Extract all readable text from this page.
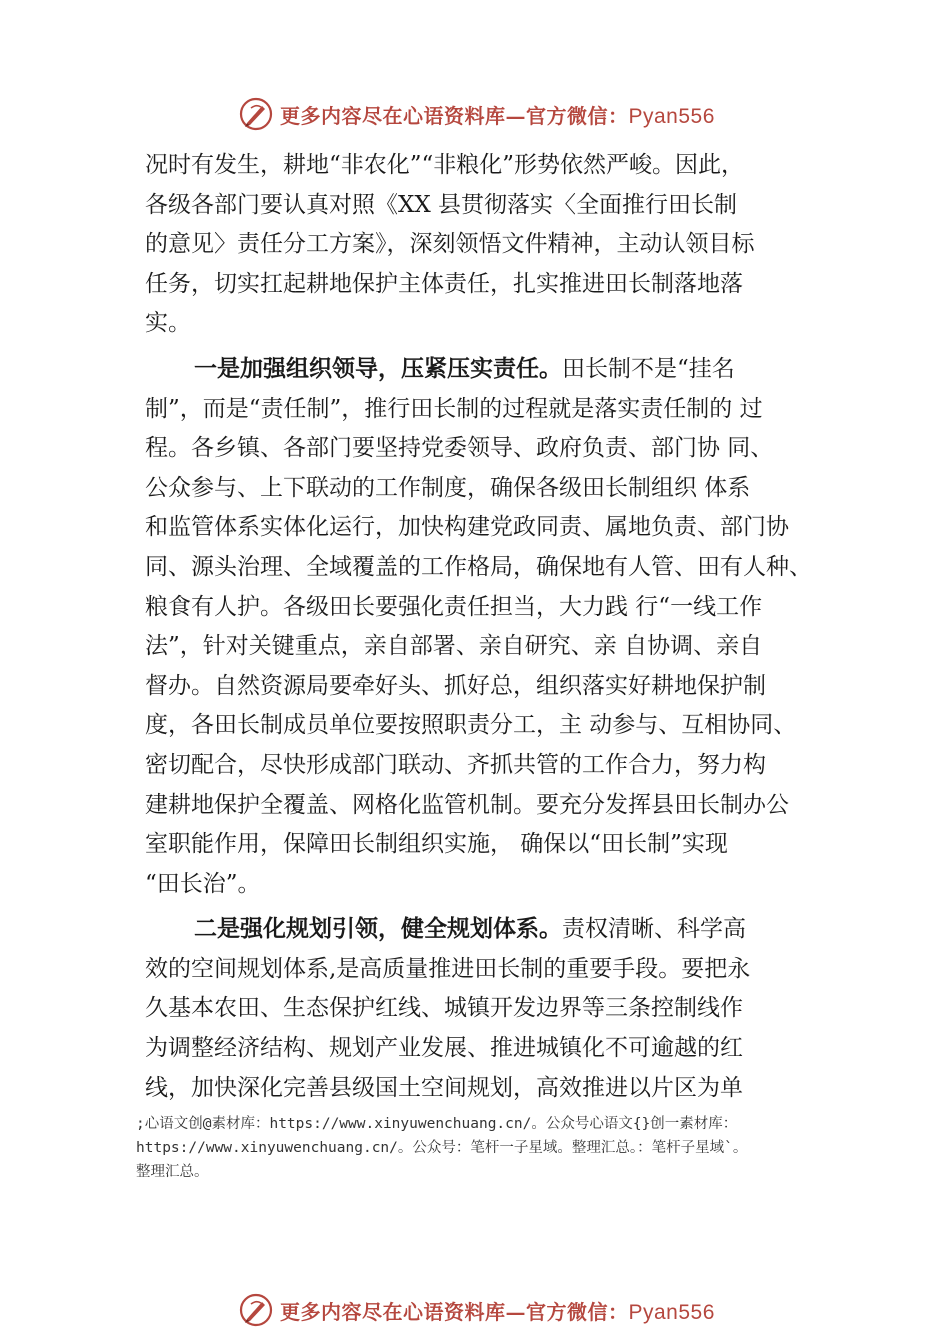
更多内容尽在心语资料库—官方微信：Pyan556

况时有发生，耕地“非农化”“非粮化”形势依然严峻。因此，
各级各部门要认真对照《XX 县贯彻落实〈全面推行田长制
的意见〉责任分工方案》，深刻领悟文件精神，主动认领目标
任务，切实扛起耕地保护主体责任，扎实推进田长制落地落
实。

一是加强组织领导，压紧压实责任。田长制不是“挂名
制”，而是“责任制”，推行田长制的过程就是落实责任制的 过
程。各乡镇、各部门要坚持党委领导、政府负责、部门协 同、
公众参与、上下联动的工作制度，确保各级田长制组织 体系
和监管体系实体化运行，加快构建党政同责、属地负责、部门协
同、源头治理、全域覆盖的工作格局，确保地有人管、田有人种、
粮食有人护。各级田长要强化责任担当，大力践 行“一线工作
法”，针对关键重点，亲自部署、亲自研究、亲 自协调、亲自
督办。自然资源局要牵好头、抓好总，组织落实好耕地保护制
度，各田长制成员单位要按照职责分工，主 动参与、互相协同、
密切配合，尽快形成部门联动、齐抓共管的工作合力，努力构
建耕地保护全覆盖、网格化监管机制。要充分发挥县田长制办公
室职能作用，保障田长制组织实施， 确保以“田长制”实现
“田长治”。

二是强化规划引领，健全规划体系。责权清晰、科学高
效的空间规划体系,是高质量推进田长制的重要手段。要把永
久基本农田、生态保护红线、城镇开发边界等三条控制线作
为调整经济结构、规划产业发展、推进城镇化不可逾越的红
线，加快深化完善县级国土空间规划，高效推进以片区为单

;心语文创@素材库：https://www.xinyuwenchuang.cn/。公众号心语文{}创一素材库：
https://www.xinyuwenchuang.cn/。公众号：笔杆一子星域。整理汇总。：笔杆子星域`。
整理汇总。
更多内容尽在心语资料库—官方微信：Pyan556
